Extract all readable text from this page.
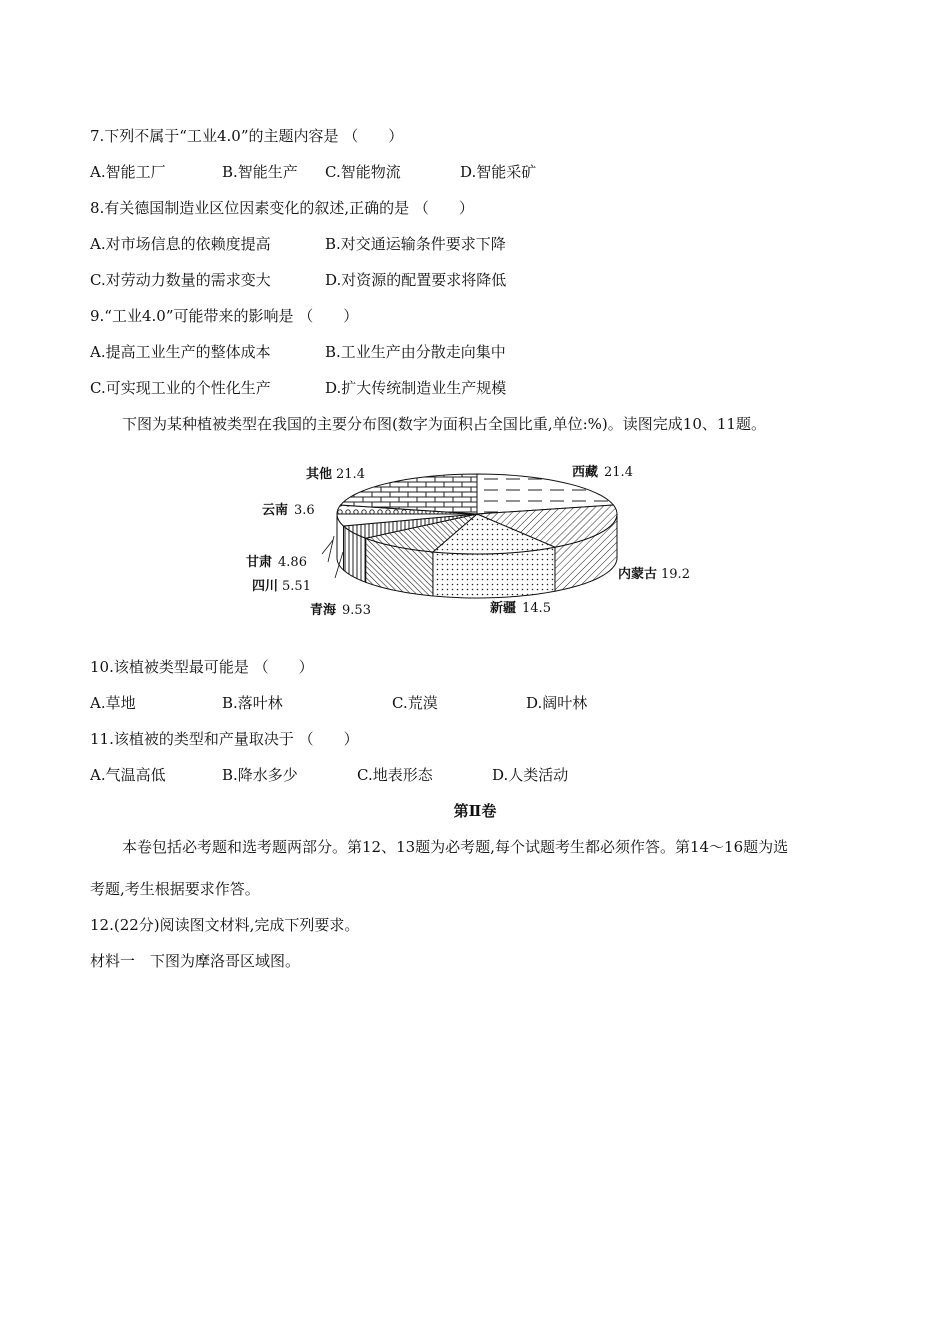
7.下列不属于“工业4.0”的主题内容是 （　　）
A.智能工厂	B.智能生产 C.智能物流	D.智能采矿
8.有关德国制造业区位因素变化的叙述,正确的是 （　　）
A.对市场信息的依赖度提高	B.对交通运输条件要求下降
C.对劳动力数量的需求变大	D.对资源的配置要求将降低
9.“工业4.0”可能带来的影响是 （　　）
A.提高工业生产的整体成本	B.工业生产由分散走向集中
C.可实现工业的个性化生产	D.扩大传统制造业生产规模
下图为某种植被类型在我国的主要分布图(数字为面积占全国比重,单位:%)。读图完成10、11题。
其他 21.4	西藏 21.4
云南 3.6
甘肃 4.86
四川 5.51
青海 9.53	新疆 14.5
内蒙古 19.2
10.该植被类型最可能是 （　　）
A.草地	B.落叶林	C.荒漠	D.阔叶林
11.该植被的类型和产量取决于 （　　）
A.气温高低	B.降水多少	C.地表形态	D.人类活动
第Ⅱ卷
本卷包括必考题和选考题两部分。第12、13题为必考题,每个试题考生都必须作答。第14～16题为选
考题,考生根据要求作答。
12.(22分)阅读图文材料,完成下列要求。
材料一　下图为摩洛哥区域图。
